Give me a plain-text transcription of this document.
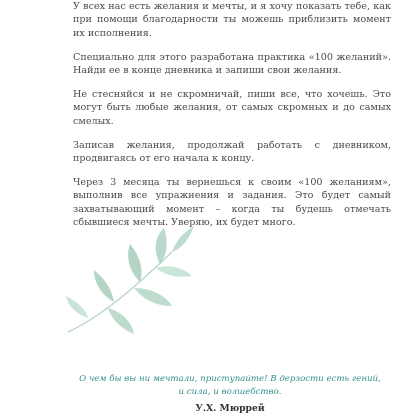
У всех нас есть желания и мечты, и я хочу показать тебе, как при помощи благодарности ты можешь приблизить момент их исполнения.

Специально для этого разработана практика «100 желаний». Найди ее в конце дневника и запиши свои желания.

Не стесняйся и не скромничай, пиши все, что хочешь. Это могут быть любые желания, от самых скромных и до самых смелых.

Записав желания, продолжай работать с дневником, продвигаясь от его начала к концу.

Через 3 месяца ты вернешься к своим «100 желаниям», выполнив все упражнения и задания. Это будет самый захватывающий момент – когда ты будешь отмечать сбывшиеся мечты. Уверяю, их будет много.

О чем бы вы ни мечтали, приступайте! В дерзости есть гений,
и сила, и волшебство.
У.Х. Мюррей
